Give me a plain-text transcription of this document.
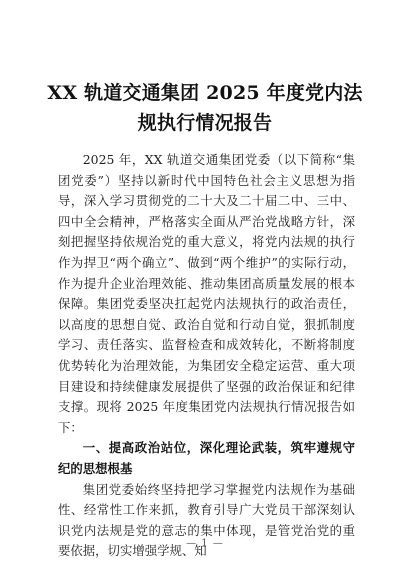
XX 轨道交通集团 2025 年度党内法规执行情况报告

2025 年，XX 轨道交通集团党委（以下简称“集团党委”）坚持以新时代中国特色社会主义思想为指导，深入学习贯彻党的二十大及二十届二中、三中、四中全会精神，严格落实全面从严治党战略方针，深刻把握坚持依规治党的重大意义，将党内法规的执行作为捍卫“两个确立”、做到“两个维护”的实际行动，作为提升企业治理效能、推动集团高质量发展的根本保障。集团党委坚决扛起党内法规执行的政治责任，以高度的思想自觉、政治自觉和行动自觉，狠抓制度学习、责任落实、监督检查和成效转化，不断将制度优势转化为治理效能，为集团安全稳定运营、重大项目建设和持续健康发展提供了坚强的政治保证和纪律支撑。现将 2025 年度集团党内法规执行情况报告如下：

一、提高政治站位，深化理论武装，筑牢遵规守纪的思想根基

集团党委始终坚持把学习掌握党内法规作为基础性、经常性工作来抓，教育引导广大党员干部深刻认识党内法规是党的意志的集中体现，是管党治党的重要依据，切实增强学规、知

— 1 —
